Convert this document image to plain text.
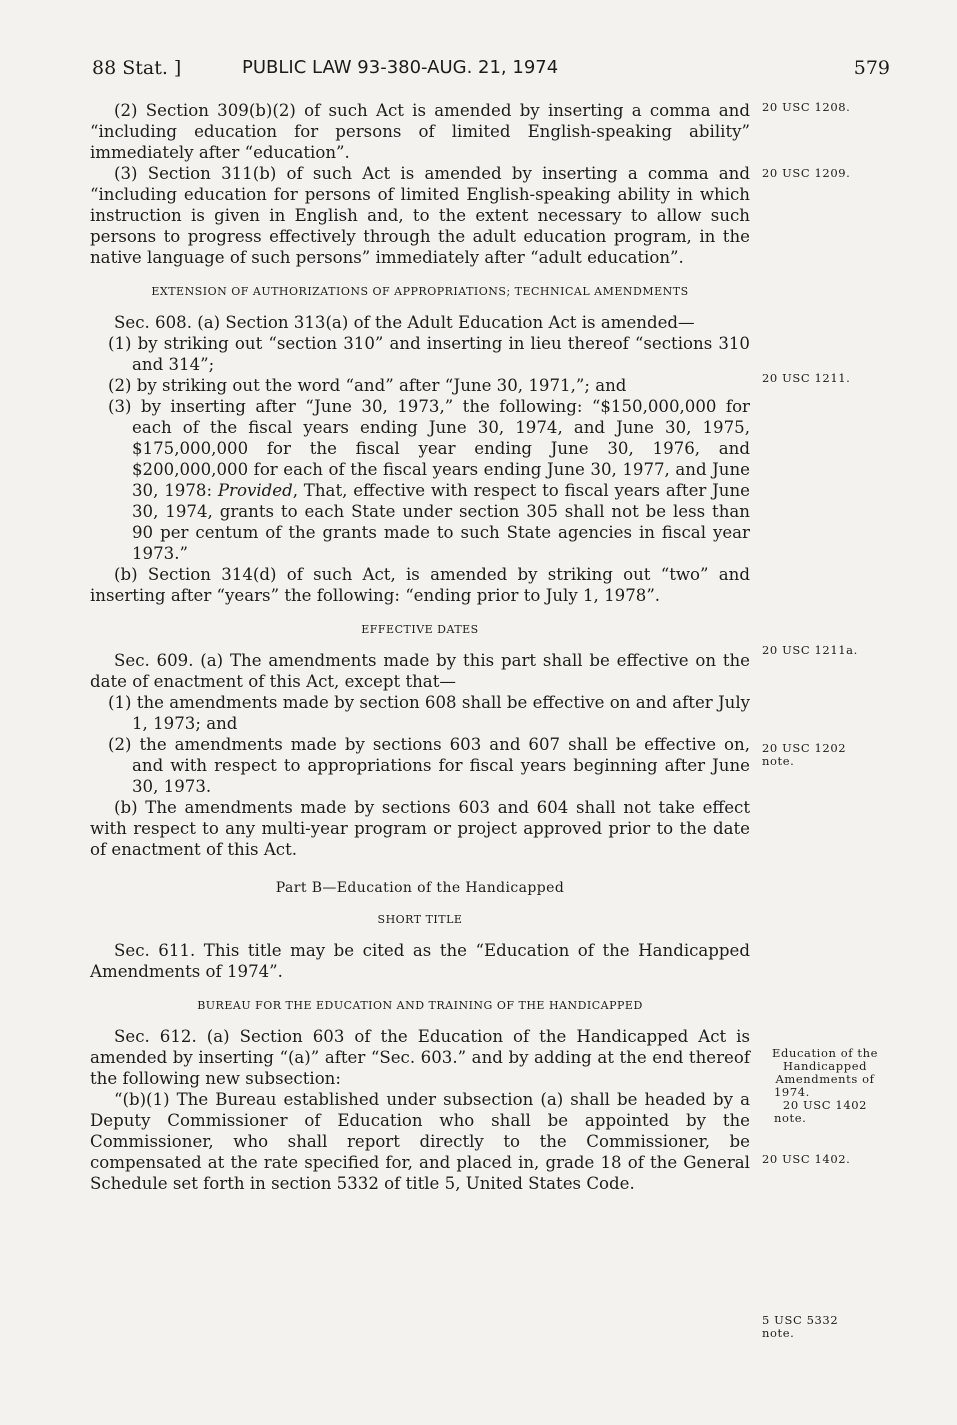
88 Stat. ]	PUBLIC LAW 93-380-AUG. 21, 1974	579

(2) Section 309(b)(2) of such Act is amended by inserting a comma and “including education for persons of limited English-speaking ability” immediately after “education”.

(3) Section 311(b) of such Act is amended by inserting a comma and “including education for persons of limited English-speaking ability in which instruction is given in English and, to the extent necessary to allow such persons to progress effectively through the adult education program, in the native language of such persons” immediately after “adult education”.

EXTENSION OF AUTHORIZATIONS OF APPROPRIATIONS; TECHNICAL AMENDMENTS

Sec. 608. (a) Section 313(a) of the Adult Education Act is amended—

(1) by striking out “section 310” and inserting in lieu thereof “sections 310 and 314”;

(2) by striking out the word “and” after “June 30, 1971,”; and

(3) by inserting after “June 30, 1973,” the following: “$150,000,000 for each of the fiscal years ending June 30, 1974, and June 30, 1975, $175,000,000 for the fiscal year ending June 30, 1976, and $200,000,000 for each of the fiscal years ending June 30, 1977, and June 30, 1978: Provided, That, effective with respect to fiscal years after June 30, 1974, grants to each State under section 305 shall not be less than 90 per centum of the grants made to such State agencies in fiscal year 1973.”

(b) Section 314(d) of such Act, is amended by striking out “two” and inserting after “years” the following: “ending prior to July 1, 1978”.

EFFECTIVE DATES

Sec. 609. (a) The amendments made by this part shall be effective on the date of enactment of this Act, except that—

(1) the amendments made by section 608 shall be effective on and after July 1, 1973; and

(2) the amendments made by sections 603 and 607 shall be effective on, and with respect to appropriations for fiscal years beginning after June 30, 1973.

(b) The amendments made by sections 603 and 604 shall not take effect with respect to any multi-year program or project approved prior to the date of enactment of this Act.

Part B—Education of the Handicapped
SHORT TITLE

Sec. 611. This title may be cited as the “Education of the Handicapped Amendments of 1974”.

BUREAU FOR THE EDUCATION AND TRAINING OF THE HANDICAPPED

Sec. 612. (a) Section 603 of the Education of the Handicapped Act is amended by inserting “(a)” after “Sec. 603.” and by adding at the end thereof the following new subsection:

“(b)(1) The Bureau established under subsection (a) shall be headed by a Deputy Commissioner of Education who shall be appointed by the Commissioner, who shall report directly to the Commissioner, be compensated at the rate specified for, and placed in, grade 18 of the General Schedule set forth in section 5332 of title 5, United States Code.

20 USC 1208.
20 USC 1209.
20 USC 1211.
20 USC 1211a.
20 USC 1202
note.
Education of the
Handicapped
Amendments of
1974.
20 USC 1402
note.
20 USC 1402.
5 USC 5332
note.
